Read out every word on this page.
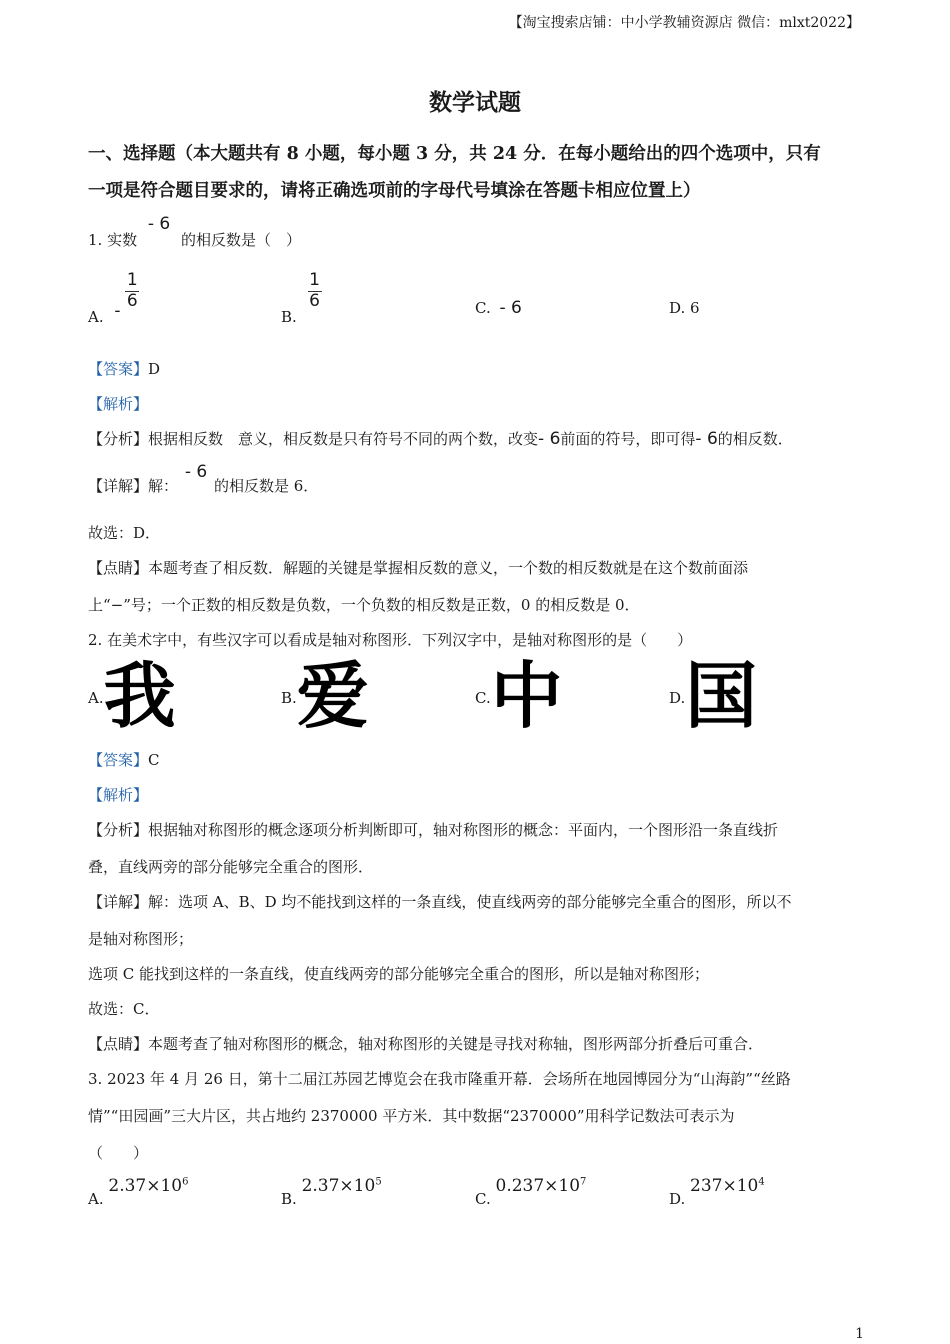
【淘宝搜索店铺：中小学教辅资源店 微信：mlxt2022】
数学试题
一、选择题（本大题共有 8 小题，每小题 3 分，共 24 分．在每小题给出的四个选项中，只有
一项是符合题目要求的，请将正确选项前的字母代号填涂在答题卡相应位置上）
1. 实数 - 6 的相反数是（　）
A. -
$\frac{1}{6}$
B.
$\frac{1}{6}$	C. - 6	D. 6
【答案】D
【解析】
【分析】根据相反数　意义，相反数是只有符号不同的两个数，改变- 6前面的符号，即可得- 6的相反数．
【详解】解： - 6 的相反数是 6．
故选：D．
【点睛】本题考查了相反数．解题的关键是掌握相反数的意义，一个数的相反数就是在这个数前面添
上“−”号；一个正数的相反数是负数，一个负数的相反数是正数，0 的相反数是 0．
2. 在美术字中，有些汉字可以看成是轴对称图形．下列汉字中，是轴对称图形的是（　　）
A.我	B.爱	C.中	D.国
【答案】C
【解析】
【分析】根据轴对称图形的概念逐项分析判断即可，轴对称图形的概念：平面内，一个图形沿一条直线折
叠，直线两旁的部分能够完全重合的图形．
【详解】解：选项 A、B、D 均不能找到这样的一条直线，使直线两旁的部分能够完全重合的图形，所以不
是轴对称图形；
选项 C 能找到这样的一条直线，使直线两旁的部分能够完全重合的图形，所以是轴对称图形；
故选：C．
【点睛】本题考查了轴对称图形的概念，轴对称图形的关键是寻找对称轴，图形两部分折叠后可重合．
3. 2023 年 4 月 26 日，第十二届江苏园艺博览会在我市隆重开幕．会场所在地园博园分为“山海韵”“丝路
情”“田园画”三大片区，共占地约 2370000 平方米．其中数据“2370000”用科学记数法可表示为
（　　）
A. $2.37\times 10^6$
B. $2.37\times 10^5$
C. $0.237\times 10^7$
D. $237\times 10^4$
1
